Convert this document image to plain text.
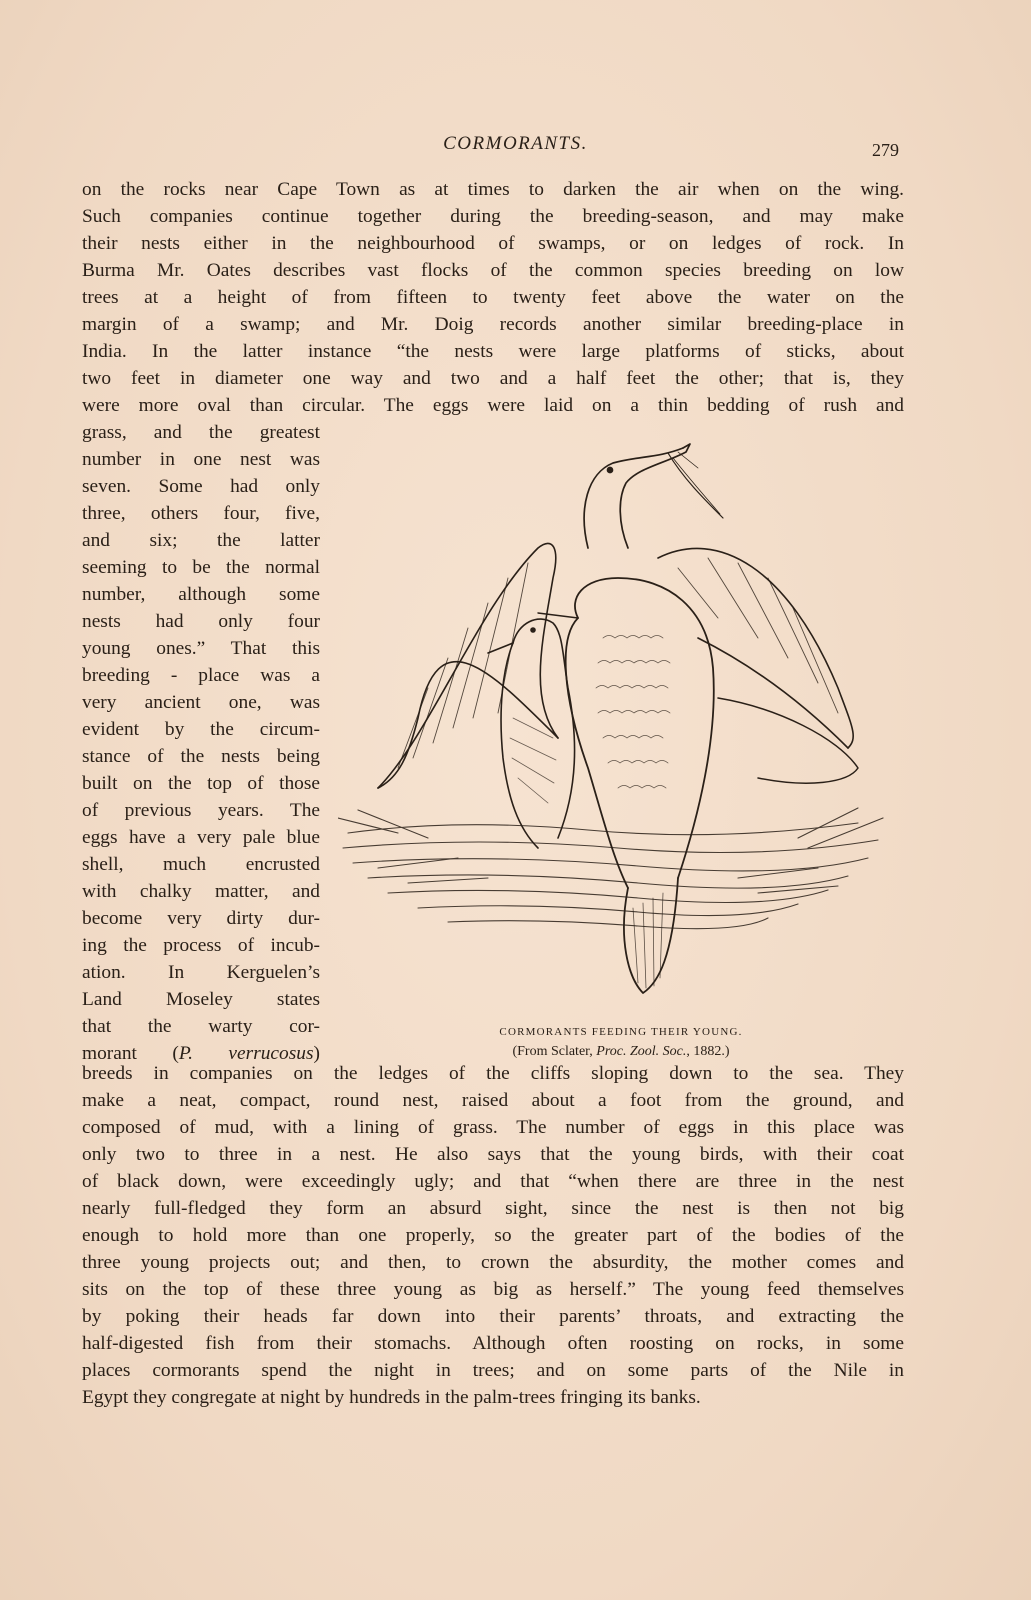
CORMORANTS.	279
on the rocks near Cape Town as at times to darken the air when on the wing.
Such companies continue together during the breeding-season, and may make
their nests either in the neighbourhood of swamps, or on ledges of rock. In
Burma Mr. Oates describes vast flocks of the common species breeding on low
trees at a height of from fifteen to twenty feet above the water on the
margin of a swamp; and Mr. Doig records another similar breeding-place in
India. In the latter instance “the nests were large platforms of sticks, about
two feet in diameter one way and two and a half feet the other; that is, they
were more oval than circular. The eggs were laid on a thin bedding of rush and
grass, and the greatest
number in one nest was
seven. Some had only
three, others four, five,
and six; the latter
seeming to be the normal
number, although some
nests had only four
young ones.” That this
breeding - place was a
very ancient one, was
evident by the circum-
stance of the nests being
built on the top of those
of previous years. The
eggs have a very pale blue
shell, much encrusted
with chalky matter, and
become very dirty dur-
ing the process of incub-
ation. In Kerguelen’s
Land Moseley states
that the warty cor-
morant (P. verrucosus)
CORMORANTS FEEDING THEIR YOUNG.
(From Sclater, Proc. Zool. Soc., 1882.)
breeds in companies on the ledges of the cliffs sloping down to the sea. They
make a neat, compact, round nest, raised about a foot from the ground, and
composed of mud, with a lining of grass. The number of eggs in this place was
only two to three in a nest. He also says that the young birds, with their coat
of black down, were exceedingly ugly; and that “when there are three in the nest
nearly full-fledged they form an absurd sight, since the nest is then not big
enough to hold more than one properly, so the greater part of the bodies of the
three young projects out; and then, to crown the absurdity, the mother comes and
sits on the top of these three young as big as herself.” The young feed themselves
by poking their heads far down into their parents’ throats, and extracting the
half-digested fish from their stomachs. Although often roosting on rocks, in some
places cormorants spend the night in trees; and on some parts of the Nile in
Egypt they congregate at night by hundreds in the palm-trees fringing its banks.
